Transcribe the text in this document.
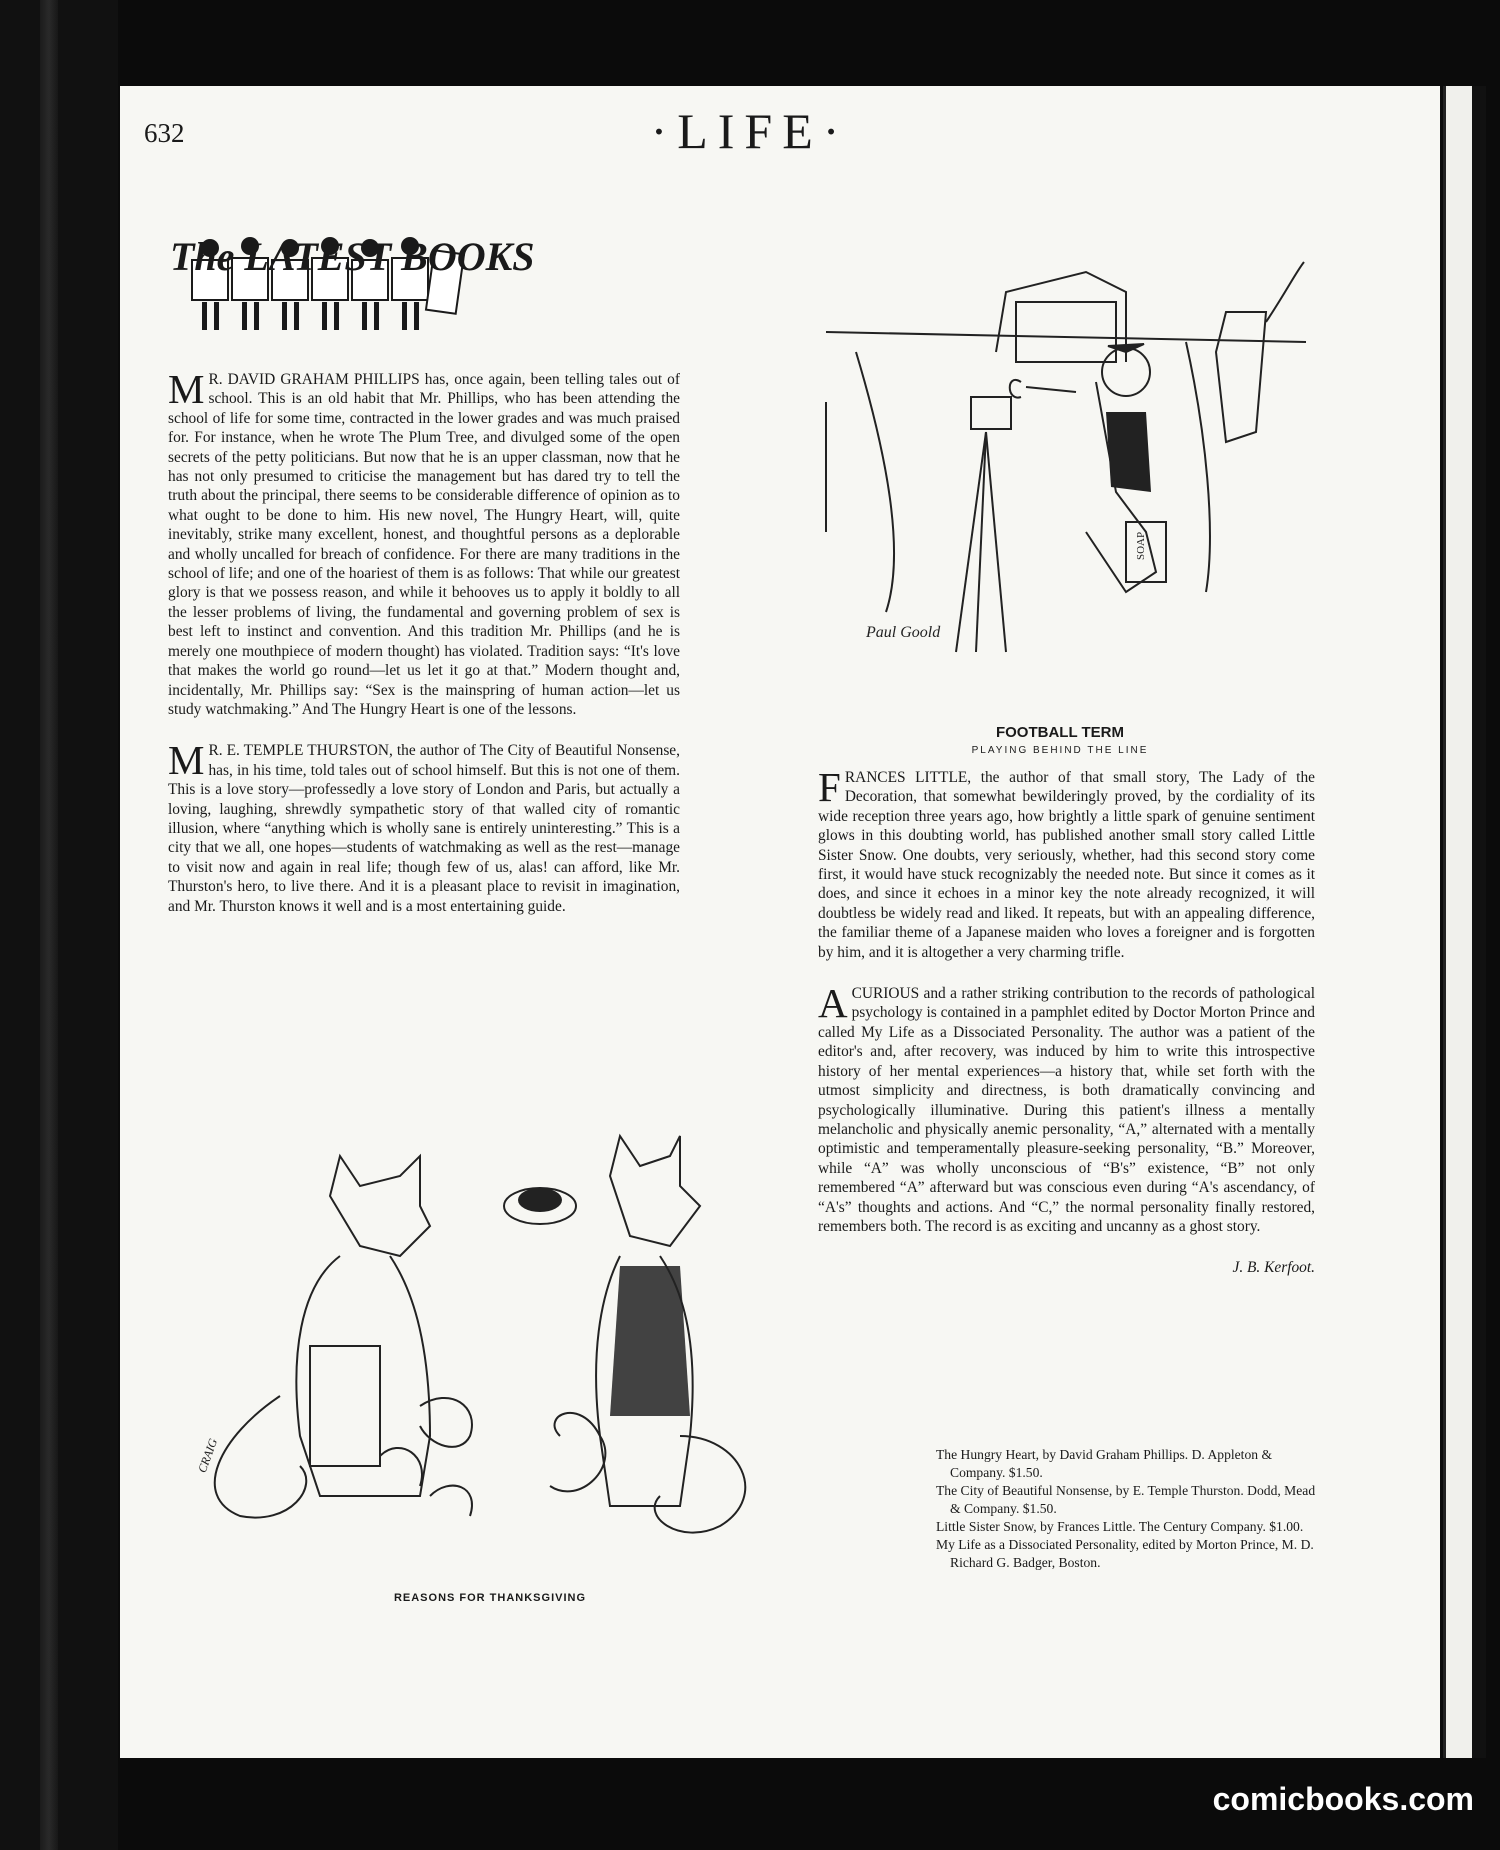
632	·LIFE·
The LATEST BOOKS

M R. DAVID GRAHAM PHILLIPS has, once again, been telling tales out of school. This is an old habit that Mr. Phillips, who has been attending the school of life for some time, contracted in the lower grades and was much praised for. For instance, when he wrote The Plum Tree, and divulged some of the open secrets of the petty politicians. But now that he is an upper classman, now that he has not only presumed to criticise the management but has dared try to tell the truth about the principal, there seems to be considerable difference of opinion as to what ought to be done to him. His new novel, The Hungry Heart, will, quite inevitably, strike many excellent, honest, and thoughtful persons as a deplorable and wholly uncalled for breach of confidence. For there are many traditions in the school of life; and one of the hoariest of them is as follows: That while our greatest glory is that we possess reason, and while it behooves us to apply it boldly to all the lesser problems of living, the fundamental and governing problem of sex is best left to instinct and convention. And this tradition Mr. Phillips (and he is merely one mouthpiece of modern thought) has violated. Tradition says: “It's love that makes the world go round—let us let it go at that.” Modern thought and, incidentally, Mr. Phillips say: “Sex is the mainspring of human action—let us study watchmaking.” And The Hungry Heart is one of the lessons.

M R. E. TEMPLE THURSTON, the author of The City of Beautiful Nonsense, has, in his time, told tales out of school himself. But this is not one of them. This is a love story—professedly a love story of London and Paris, but actually a loving, laughing, shrewdly sympathetic story of that walled city of romantic illusion, where “anything which is wholly sane is entirely uninteresting.” This is a city that we all, one hopes—students of watchmaking as well as the rest—manage to visit now and again in real life; though few of us, alas! can afford, like Mr. Thurston's hero, to live there. And it is a pleasant place to revisit in imagination, and Mr. Thurston knows it well and is a most entertaining guide.

SOAP
Paul Goold
FOOTBALL TERM
PLAYING BEHIND THE LINE

FRANCES LITTLE, the author of that small story, The Lady of the Decoration, that somewhat bewilderingly proved, by the cordiality of its wide reception three years ago, how brightly a little spark of genuine sentiment glows in this doubting world, has published another small story called Little Sister Snow. One doubts, very seriously, whether, had this second story come first, it would have stuck recognizably the needed note. But since it comes as it does, and since it echoes in a minor key the note already recognized, it will doubtless be widely read and liked. It repeats, but with an appealing difference, the familiar theme of a Japanese maiden who loves a foreigner and is forgotten by him, and it is altogether a very charming trifle.

ACURIOUS and a rather striking contribution to the records of pathological psychology is contained in a pamphlet edited by Doctor Morton Prince and called My Life as a Dissociated Personality. The author was a patient of the editor's and, after recovery, was induced by him to write this introspective history of her mental experiences—a history that, while set forth with the utmost simplicity and directness, is both dramatically convincing and psychologically illuminative. During this patient's illness a mentally melancholic and physically anemic personality, “A,” alternated with a mentally optimistic and temperamentally pleasure-seeking personality, “B.” Moreover, while “A” was wholly unconscious of “B's” existence, “B” not only remembered “A” afterward but was conscious even during “A's ascendancy, of “A's” thoughts and actions. And “C,” the normal personality finally restored, remembers both. The record is as exciting and uncanny as a ghost story.

J. B. Kerfoot.
CRAIG
REASONS FOR THANKSGIVING
The Hungry Heart, by David Graham Phillips. D. Appleton & Company. $1.50.
The City of Beautiful Nonsense, by E. Temple Thurston. Dodd, Mead & Company. $1.50.
Little Sister Snow, by Frances Little. The Century Company. $1.00.
My Life as a Dissociated Personality, edited by Morton Prince, M. D. Richard G. Badger, Boston.
comicbooks.com
